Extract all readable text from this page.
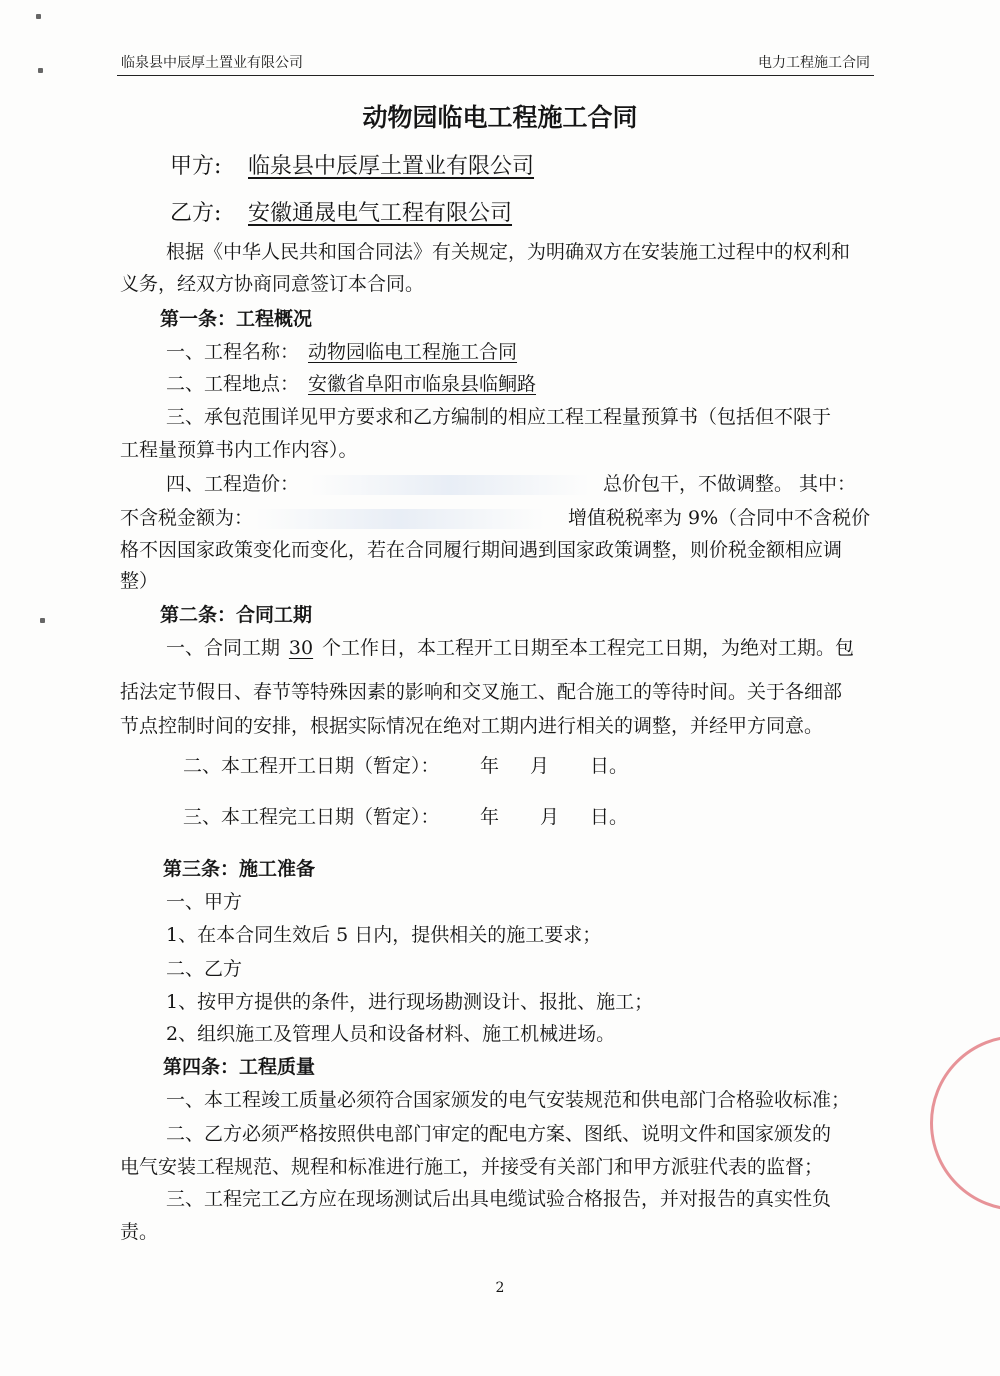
临泉县中辰厚土置业有限公司	电力工程施工合同
动物园临电工程施工合同
甲方: 临泉县中辰厚土置业有限公司
乙方: 安徽通晟电气工程有限公司
根据《中华人民共和国合同法》有关规定，为明确双方在安装施工过程中的权利和
义务，经双方协商同意签订本合同。
第一条：工程概况
一、工程名称： 动物园临电工程施工合同
二、工程地点： 安徽省阜阳市临泉县临鲖路
三、承包范围详见甲方要求和乙方编制的相应工程工程量预算书（包括但不限于
工程量预算书内工作内容）。
四、工程造价：	总价包干，不做调整。 其中：
不含税金额为：	增值税税率为 9%（合同中不含税价
格不因国家政策变化而变化，若在合同履行期间遇到国家政策调整，则价税金额相应调
整）
第二条：合同工期
一、合同工期 30 个工作日，本工程开工日期至本工程完工日期，为绝对工期。包
括法定节假日、春节等特殊因素的影响和交叉施工、配合施工的等待时间。关于各细部
节点控制时间的安排，根据实际情况在绝对工期内进行相关的调整，并经甲方同意。
二、本工程开工日期（暂定）： 年 月 日。
三、本工程完工日期（暂定）： 年 月 日。
第三条：施工准备
一、甲方
1、在本合同生效后 5 日内，提供相关的施工要求；
二、乙方
1、按甲方提供的条件，进行现场勘测设计、报批、施工；
2、组织施工及管理人员和设备材料、施工机械进场。
第四条：工程质量
一、本工程竣工质量必须符合国家颁发的电气安装规范和供电部门合格验收标准；
二、乙方必须严格按照供电部门审定的配电方案、图纸、说明文件和国家颁发的
电气安装工程规范、规程和标准进行施工，并接受有关部门和甲方派驻代表的监督；
三、工程完工乙方应在现场测试后出具电缆试验合格报告，并对报告的真实性负
责。
2
